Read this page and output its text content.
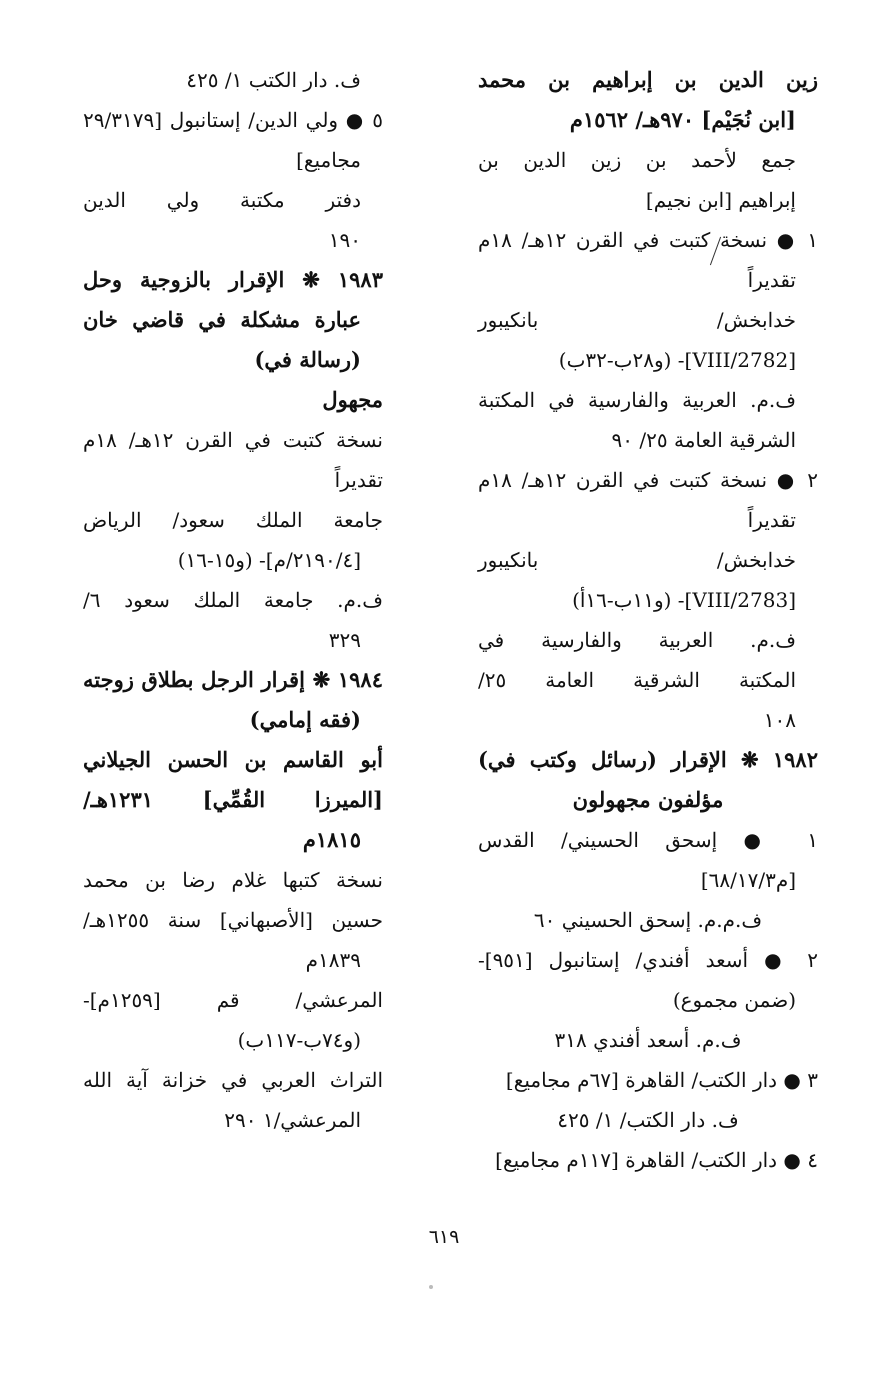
زين الدين بن إبراهيم بن محمد
[ابن نُجَيْم] ٩٧٠هـ/ ١٥٦٢م
جمع لأحمد بن زين الدين بن
إبراهيم [ابن نجيم]
١ ● نسخة كتبت في القرن ١٢هـ/ ١٨م
تقديراً
خدابخش/ بانكيبور
[2782/VIII]- (و٢٨ب-٣٢ب)
ف.م. العربية والفارسية في المكتبة
الشرقية العامة ٢٥/ ٩٠
٢ ● نسخة كتبت في القرن ١٢هـ/ ١٨م
تقديراً
خدابخش/ بانكيبور
[2783/VIII]- (و١١ب-١٦أ)
ف.م. العربية والفارسية في
المكتبة الشرقية العامة ٢٥/
١٠٨
١٩٨٢ ❋ الإقرار (رسائل وكتب في)
مؤلفون مجهولون
١ ● إسحق الحسيني/ القدس
[م٦٨/١٧/٣]
ف.م.م. إسحق الحسيني ٦٠
٢ ● أسعد أفندي/ إستانبول [٩٥١]-
(ضمن مجموع)
ف.م. أسعد أفندي ٣١٨
٣ ● دار الكتب/ القاهرة [٦٧م مجاميع]
ف. دار الكتب/ ١/ ٤٢٥
٤ ● دار الكتب/ القاهرة [١١٧م مجاميع]
ف. دار الكتب ١/ ٤٢٥
٥ ● ولي الدين/ إستانبول [٢٩/٣١٧٩
مجاميع]
دفتر مكتبة ولي الدين
١٩٠
١٩٨٣ ❋ الإقرار بالزوجية وحل
عبارة مشكلة في قاضي خان
(رسالة في)
مجهول
نسخة كتبت في القرن ١٢هـ/ ١٨م
تقديراً
جامعة الملك سعود/ الرياض
[٢١٩٠/٤/م]- (و١٥-١٦)
ف.م. جامعة الملك سعود ٦/
٣٢٩
١٩٨٤ ❋ إقرار الرجل بطلاق زوجته
(فقه إمامي)
أبو القاسم بن الحسن الجيلاني
[الميرزا القُمِّي] ١٢٣١هـ/
١٨١٥م
نسخة كتبها غلام رضا بن محمد
حسين [الأصبهاني] سنة ١٢٥٥هـ/
١٨٣٩م
المرعشي/ قم [١٢٥٩م]-
(و٧٤ب-١١٧ب)
التراث العربي في خزانة آية الله
المرعشي/١ ٢٩٠
٦١٩
